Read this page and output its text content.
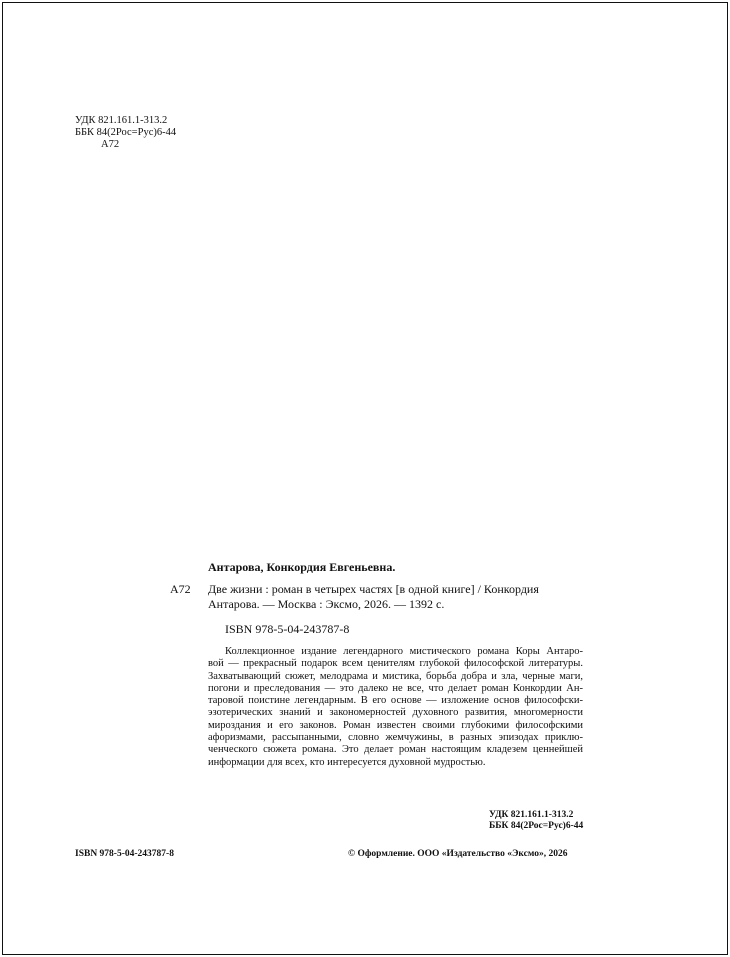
УДК 821.161.1-313.2
ББК 84(2Рос=Рус)6-44
А72
Антарова, Конкордия Евгеньевна.
А72 Две жизни : роман в четырех частях [в одной книге] / Конкордия
Антарова. — Москва : Эксмо, 2026. — 1392 с.
ISBN 978-5-04-243787-8
Коллекционное издание легендарного мистического романа Коры Антаро-
вой — прекрасный подарок всем ценителям глубокой философской литературы.
Захватывающий сюжет, мелодрама и мистика, борьба добра и зла, черные маги,
погони и преследования — это далеко не все, что делает роман Конкордии Ан-
таровой поистине легендарным. В его основе — изложение основ философски-
эзотерических знаний и закономерностей духовного развития, многомерности
мироздания и его законов. Роман известен своими глубокими философскими
афоризмами, рассыпанными, словно жемчужины, в разных эпизодах приклю-
ченческого сюжета романа. Это делает роман настоящим кладезем ценнейшей
информации для всех, кто интересуется духовной мудростью.
УДК 821.161.1-313.2
ББК 84(2Рос=Рус)6-44
ISBN 978-5-04-243787-8	© Оформление. ООО «Издательство «Эксмо», 2026
